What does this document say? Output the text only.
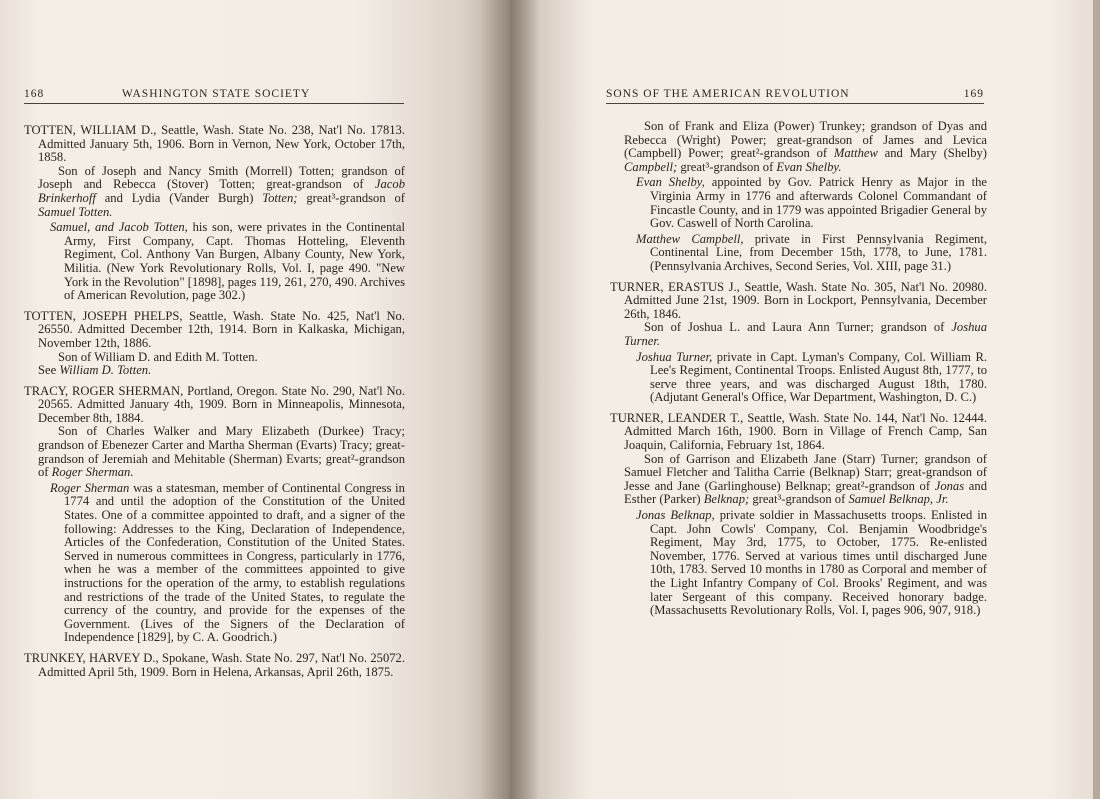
168	WASHINGTON STATE SOCIETY
TOTTEN, WILLIAM D., Seattle, Wash. State No. 238, Nat'l No. 17813. Admitted January 5th, 1906. Born in Vernon, New York, October 17th, 1858.
Son of Joseph and Nancy Smith (Morrell) Totten; grandson of Joseph and Rebecca (Stover) Totten; great-grandson of Jacob Brinkerhoff and Lydia (Vander Burgh) Totten; great³-grandson of Samuel Totten.
Samuel, and Jacob Totten, his son, were privates in the Continental Army, First Company, Capt. Thomas Hotteling, Eleventh Regiment, Col. Anthony Van Burgen, Albany County, New York, Militia. (New York Revolutionary Rolls, Vol. I, page 490. "New York in the Revolution" [1898], pages 119, 261, 270, 490. Archives of American Revolution, page 302.)
TOTTEN, JOSEPH PHELPS, Seattle, Wash. State No. 425, Nat'l No. 26550. Admitted December 12th, 1914. Born in Kalkaska, Michigan, November 12th, 1886.
Son of William D. and Edith M. Totten.
See William D. Totten.
TRACY, ROGER SHERMAN, Portland, Oregon. State No. 290, Nat'l No. 20565. Admitted January 4th, 1909. Born in Minneapolis, Minnesota, December 8th, 1884.
Son of Charles Walker and Mary Elizabeth (Durkee) Tracy; grandson of Ebenezer Carter and Martha Sherman (Evarts) Tracy; great-grandson of Jeremiah and Mehitable (Sherman) Evarts; great²-grandson of Roger Sherman.
Roger Sherman was a statesman, member of Continental Congress in 1774 and until the adoption of the Constitution of the United States. One of a committee appointed to draft, and a signer of the following: Addresses to the King, Declaration of Independence, Articles of the Confederation, Constitution of the United States. Served in numerous committees in Congress, particularly in 1776, when he was a member of the committees appointed to give instructions for the operation of the army, to establish regulations and restrictions of the trade of the United States, to regulate the currency of the country, and provide for the expenses of the Government. (Lives of the Signers of the Declaration of Independence [1829], by C. A. Goodrich.)
TRUNKEY, HARVEY D., Spokane, Wash. State No. 297, Nat'l No. 25072. Admitted April 5th, 1909. Born in Helena, Arkansas, April 26th, 1875.
SONS OF THE AMERICAN REVOLUTION	169
Son of Frank and Eliza (Power) Trunkey; grandson of Dyas and Rebecca (Wright) Power; great-grandson of James and Levica (Campbell) Power; great²-grandson of Matthew and Mary (Shelby) Campbell; great³-grandson of Evan Shelby.
Evan Shelby, appointed by Gov. Patrick Henry as Major in the Virginia Army in 1776 and afterwards Colonel Commandant of Fincastle County, and in 1779 was appointed Brigadier General by Gov. Caswell of North Carolina.
Matthew Campbell, private in First Pennsylvania Regiment, Continental Line, from December 15th, 1778, to June, 1781. (Pennsylvania Archives, Second Series, Vol. XIII, page 31.)
TURNER, ERASTUS J., Seattle, Wash. State No. 305, Nat'l No. 20980. Admitted June 21st, 1909. Born in Lockport, Pennsylvania, December 26th, 1846.
Son of Joshua L. and Laura Ann Turner; grandson of Joshua Turner.
Joshua Turner, private in Capt. Lyman's Company, Col. William R. Lee's Regiment, Continental Troops. Enlisted August 8th, 1777, to serve three years, and was discharged August 18th, 1780. (Adjutant General's Office, War Department, Washington, D. C.)
TURNER, LEANDER T., Seattle, Wash. State No. 144, Nat'l No. 12444. Admitted March 16th, 1900. Born in Village of French Camp, San Joaquin, California, February 1st, 1864.
Son of Garrison and Elizabeth Jane (Starr) Turner; grandson of Samuel Fletcher and Talitha Carrie (Belknap) Starr; great-grandson of Jesse and Jane (Garlinghouse) Belknap; great²-grandson of Jonas and Esther (Parker) Belknap; great³-grandson of Samuel Belknap, Jr.
Jonas Belknap, private soldier in Massachusetts troops. Enlisted in Capt. John Cowls' Company, Col. Benjamin Woodbridge's Regiment, May 3rd, 1775, to October, 1775. Re-enlisted November, 1776. Served at various times until discharged June 10th, 1783. Served 10 months in 1780 as Corporal and member of the Light Infantry Company of Col. Brooks' Regiment, and was later Sergeant of this company. Received honorary badge. (Massachusetts Revolutionary Rolls, Vol. I, pages 906, 907, 918.)
